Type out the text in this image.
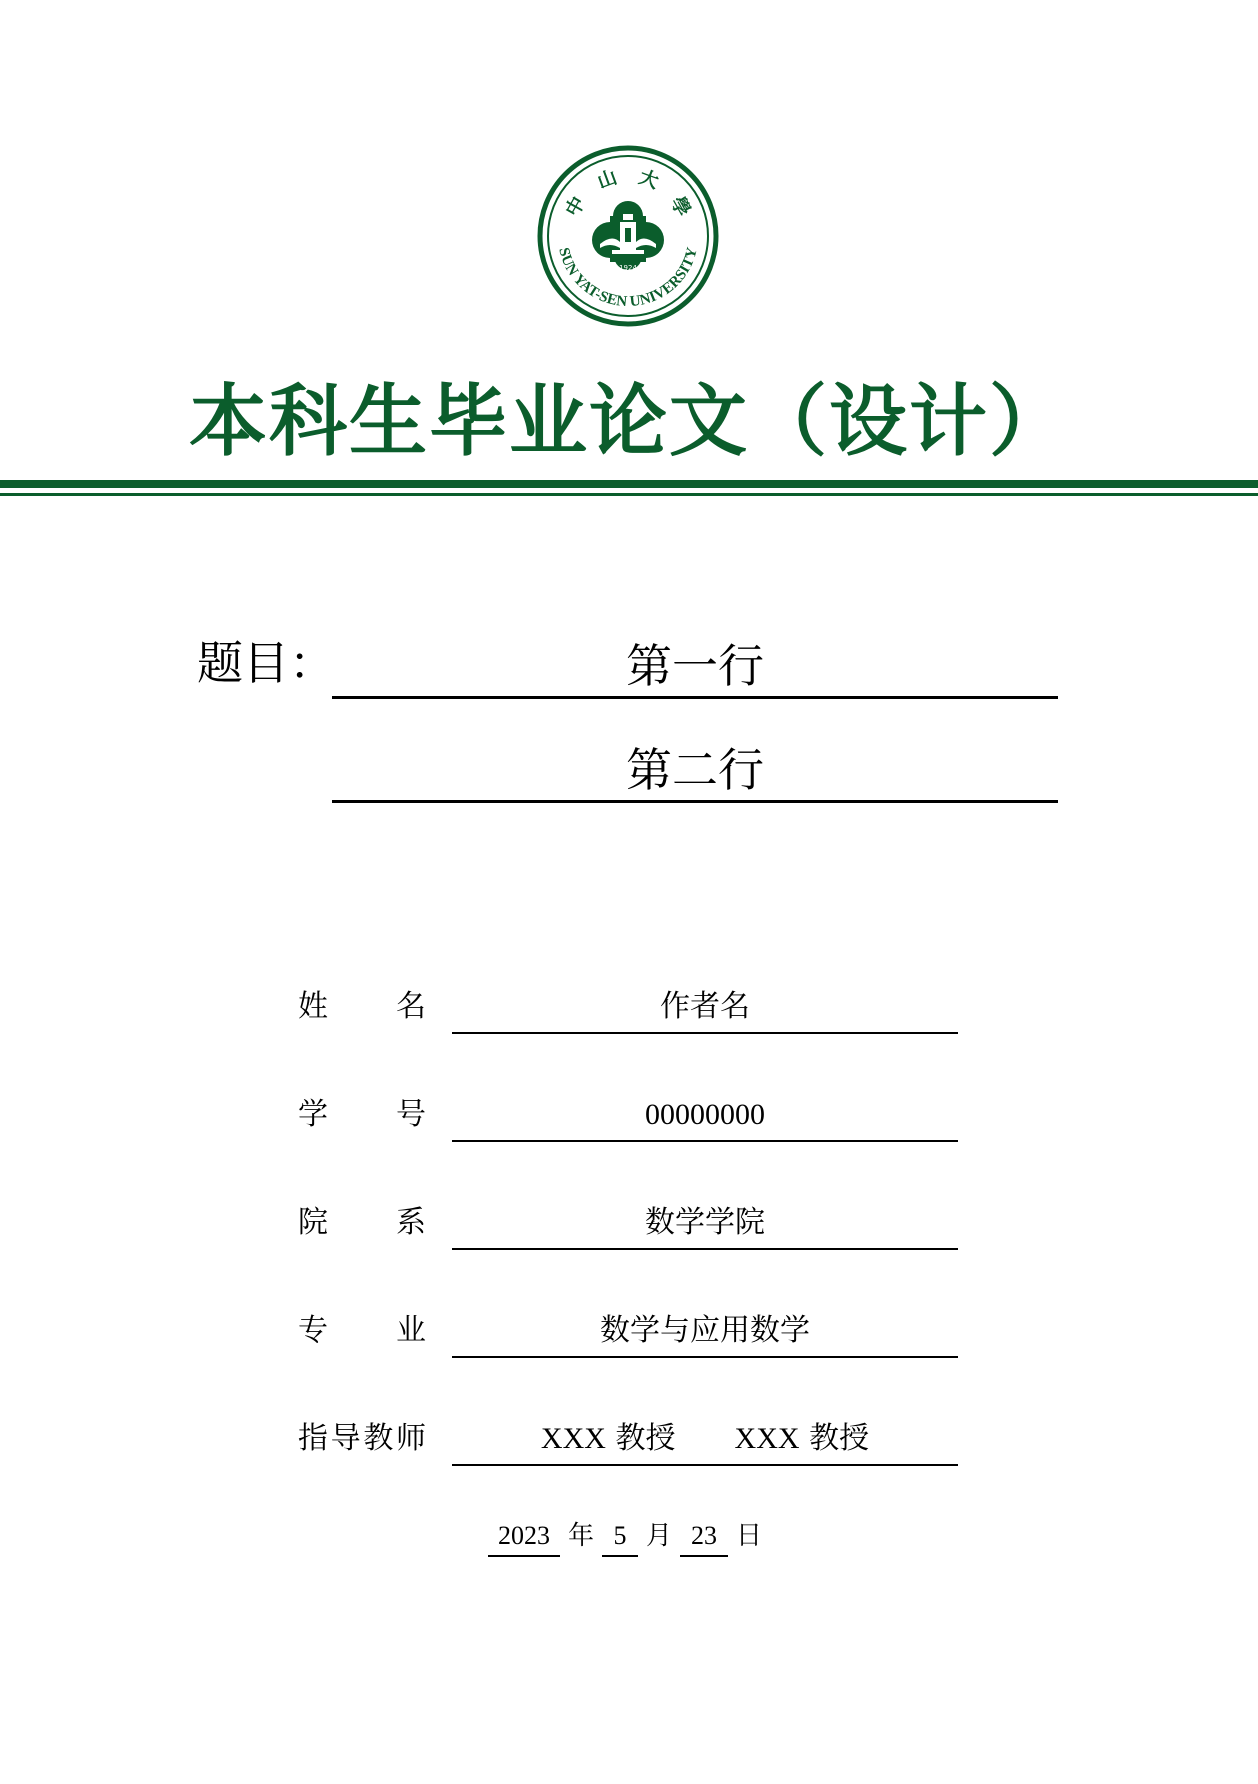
中　山　大　學
SUN YAT-SEN UNIVERSITY
1924
本科生毕业论文（设计）
题目：	第一行
第二行
姓　名	作者名
学　号	00000000
院　系	数学学院
专　业	数学与应用数学
指导教师	XXX 教授 XXX 教授
2023 年 5 月 23 日
